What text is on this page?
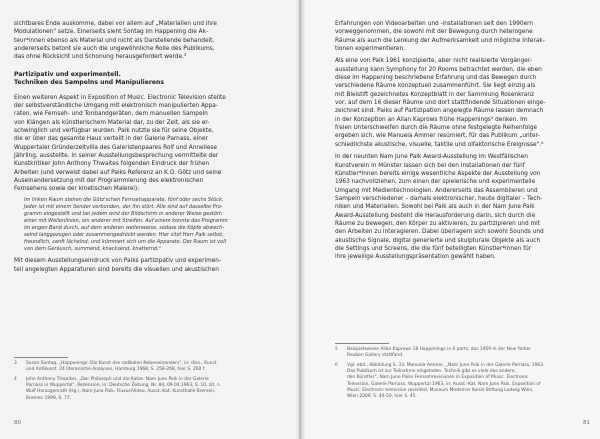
sichtbares Ende auskomme, dabei vor allem auf „Materialien und ihre
Modulationen" setze. Einerseits sieht Sontag im Happening die Ak-
teur*innen ebenso als Material und nicht als Darstellende behandelt,
andererseits betont sie auch die ungewöhnliche Rolle des Publikums,
das ohne Rücksicht und Schonung herausgefordert werde.³

Partizipativ und experimentell.
Techniken des Sampelns und Manipulierens

Einen weiteren Aspekt in Exposition of Music. Electronic Television stellte
der selbstverständliche Umgang mit elektronisch manipulierten Appa-
raten, wie Fernseh- und Tonbandgeräten, dem manuellen Sampeln
von Klängen als künstlerischem Material dar, zu der Zeit, als sie er-
schwinglich und verfügbar wurden. Paik nutzte sie für seine Objekte,
die er über das gesamte Haus verteilt in der Galerie Parnass, einer
Wuppertaler Gründerzeitvilla des Galeristenpaares Rolf und Anneliese
Jährling, ausstellte. In seiner Ausstellungsbesprechung vermittelte der
Kunstkritiker John Anthony Thwaites folgenden Eindruck der frühen
Arbeiten (und verweist dabei auf Paiks Referenz an K.O. Götz und seine
Auseinandersetzung mit der Programmierung des elektronischen
Fernsehens sowie der kinetischen Malerei):

Im linken Raum stehen die Götz'schen Fernsehapparate, fünf oder sechs Stück.
Jeder ist mit einem Sender verbunden, der ihn stört. Alle sind auf dasselbe Pro-
gramm eingestellt und bei jedem wird der Bildschirm in anderer Weise gestört:
einer mit Wellenlinien, ein anderer mit Streifen. Auf einem konnte das Programm
im engen Band durch, auf dem anderen wellenweise, sodass die Köpfe abwech-
selnd langgezogen oder zusammengedrückt werden. Hier sitzt Herr Paik selbst,
freundlich, sanft lächelnd, und kümmert sich um die Apparate. Der Raum ist voll
von dem Geräusch, summend, knacksend, knatternd.⁴

Mit diesem Ausstellungseindruck von Paiks partizipativ und experimen-
tell angelegten Apparaturen sind bereits die visuellen und akustischen

3 Susan Sontag, „Happenings: Die Kunst des radikalen Nebeneinanders", in: dies., Kunst
und Antikunst. 24 literarische Analysen, Hamburg 1968, S. 258-268, hier S. 260 f.
4 John Anthony Thwaites, „Der Philosoph und die Katze. Nam June Paik in der Galerie
Parnass in Wuppertal", Rezension, in: Deutsche Zeitung, Nr. 84, 09.04.1963, S. 10, zit. n.
Wulf Herzogenrath (Hg.), Nam June Paik. Fluxus/Video, Ausst.-Kat. Kunsthalle Bremen,
Bremen 1999, S. 77.
80

Erfahrungen von Videoarbeiten und -installationen seit den 1990ern
vorweggenommen, die sowohl mit der Bewegung durch heterogene
Räume als auch die Lenkung der Aufmerksamkeit und mögliche Interak-
tionen experimentieren.

Als eine von Paik 1961 konzipierte, aber nicht realisierte Vorgänger-
ausstellung kann Symphony for 20 Rooms betrachtet werden, die eben
diese im Happening beschriebene Erfahrung und das Bewegen durch
verschiedene Räume konzeptuell zusammenführt. Sie liegt einzig als
mit Bleistift gezeichnetes Konzeptblatt in der Sammlung Rosenkranz
vor, auf dem 16 dieser Räume und dort stattfindende Situationen einge-
zeichnet sind. Paiks auf Partizipation angelegte Räume lassen demnach
in der Konzeption an Allan Kaprows frühe Happenings⁵ denken. Im
freien Unterschweifen durch die Räume ohne festgelegte Reihenfolge
ergeben sich, wie Manuela Ammer resümiert, für das Publikum „unter-
schiedlichste akustische, visuelle, taktile und olfaktorische Ereignisse".⁶

In der neunten Nam June Paik Award-Ausstellung im Westfälischen
Kunstverein in Münster lassen sich bei den Installationen der fünf
Künstler*innen bereits einige wesentliche Aspekte der Ausstellung von
1963 nachvollziehen, zum einen der spielerische und experimentelle
Umgang mit Medientechnologien. Andererseits das Assemblieren und
Sampeln verschiedener – damals elektronischer, heute digitaler – Tech-
niken und Materialien. Sowohl bei Paik als auch in der Nam June Paik
Award-Ausstellung besteht die Herausforderung darin, sich durch die
Räume zu bewegen, den Körper zu aktivieren, zu partizipieren und mit
den Arbeiten zu interagieren. Dabei überlagern sich sowohl Sounds und
akustische Signale, digital generierte und skulpturale Objekte als auch
die Settings und Screens, die die fünf beteiligten Künstler*innen für
ihre jeweilige Ausstellungspräsentation gewählt haben.

5 Beispielsweise Allan Kaprows 18 Happenings in 6 parts, das 1959 in der New Yorker
Reuben Gallery stattfand.
6 Vgl. ebd., Abbildung S. 33, Manuela Ammer, „Nam June Paik in der Galerie Parnass, 1963.
Das Publikum ist zur Teilnahme eingeladen. Technik gibt es viele das andere,
den Künstler", Nam June Paiks Fernsehrevisionen in Exposition of Music. Electronic
Television, Galerie Parnass, Wuppertal 1963, in: Ausst.-Kat. Nam June Paik. Exposition of
Music. Electronic television revisited, Museum Moderner Kunst Stiftung Ludwig Wien,
Wien 2009, S. 44-50, hier S. 45.
81
